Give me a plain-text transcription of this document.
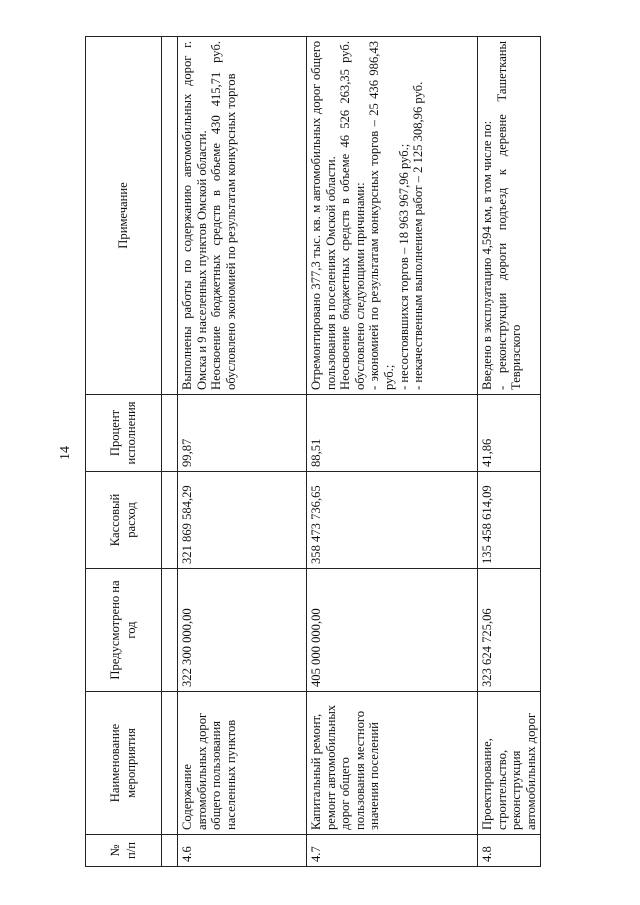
14
№ п/п	Наименование мероприятия	Предусмотрено на год	Кассовый расход	Процент исполнения	Примечание

4.6	Содержание автомобильных дорог общего пользования населенных пунктов	322 300 000,00	321 869 584,29	99,87	Выполнены работы по содержанию автомобильных дорог г. Омска и 9 населенных пунктов Омской области. Неосвоение бюджетных средств в объеме 430 415,71 руб. обусловлено экономией по результатам конкурсных торгов

4.7	Капитальный ремонт, ремонт автомобильных дорог общего пользования местного значения поселений	405 000 000,00	358 473 736,65	88,51	Отремонтировано 377,3 тыс. кв. м автомобильных дорог общего пользования в поселениях Омской области. Неосвоение бюджетных средств в объеме 46 526 263,35 руб. обусловлено следующими причинами: - экономией по результатам конкурсных торгов – 25 436 986,43 руб.; - несостоявшихся торгов – 18 963 967,96 руб.; - некачественным выполнением работ – 2 125 308,96 руб.

4.8	Проектирование, строительство, реконструкция автомобильных дорог	323 624 725,06	135 458 614,09	41,86	Введено в эксплуатацию 4,594 км, в том числе по: - реконструкции дороги подъезд к деревне Ташетканы Тевризского
